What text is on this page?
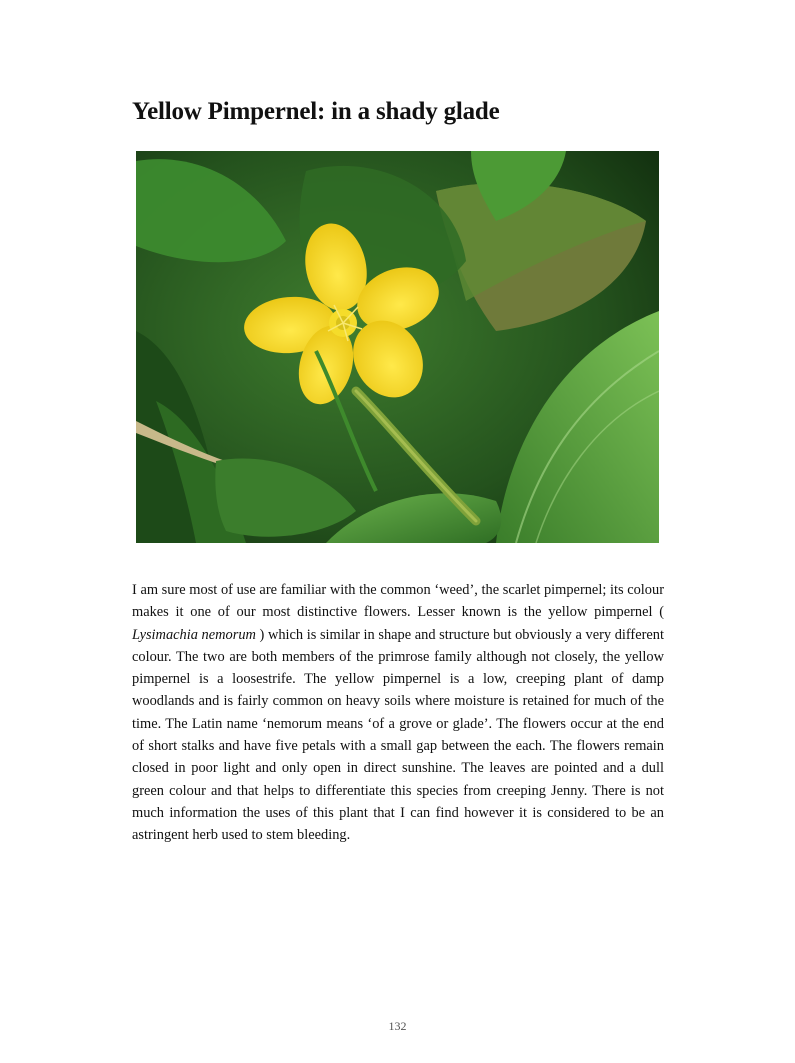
Yellow Pimpernel: in a shady glade

I am sure most of use are familiar with the common ‘weed’, the scarlet pimpernel; its colour makes it one of our most distinctive flowers. Lesser known is the yellow pimpernel ( Lysimachia nemorum ) which is similar in shape and structure but obviously a very different colour. The two are both members of the primrose family although not closely, the yellow pimpernel is a loosestrife. The yellow pimpernel is a low, creeping plant of damp woodlands and is fairly common on heavy soils where moisture is retained for much of the time. The Latin name ‘nemorum means ‘of a grove or glade’. The flowers occur at the end of short stalks and have five petals with a small gap between the each. The flowers remain closed in poor light and only open in direct sunshine. The leaves are pointed and a dull green colour and that helps to differentiate this species from creeping Jenny. There is not much information the uses of this plant that I can find however it is considered to be an astringent herb used to stem bleeding.

132
